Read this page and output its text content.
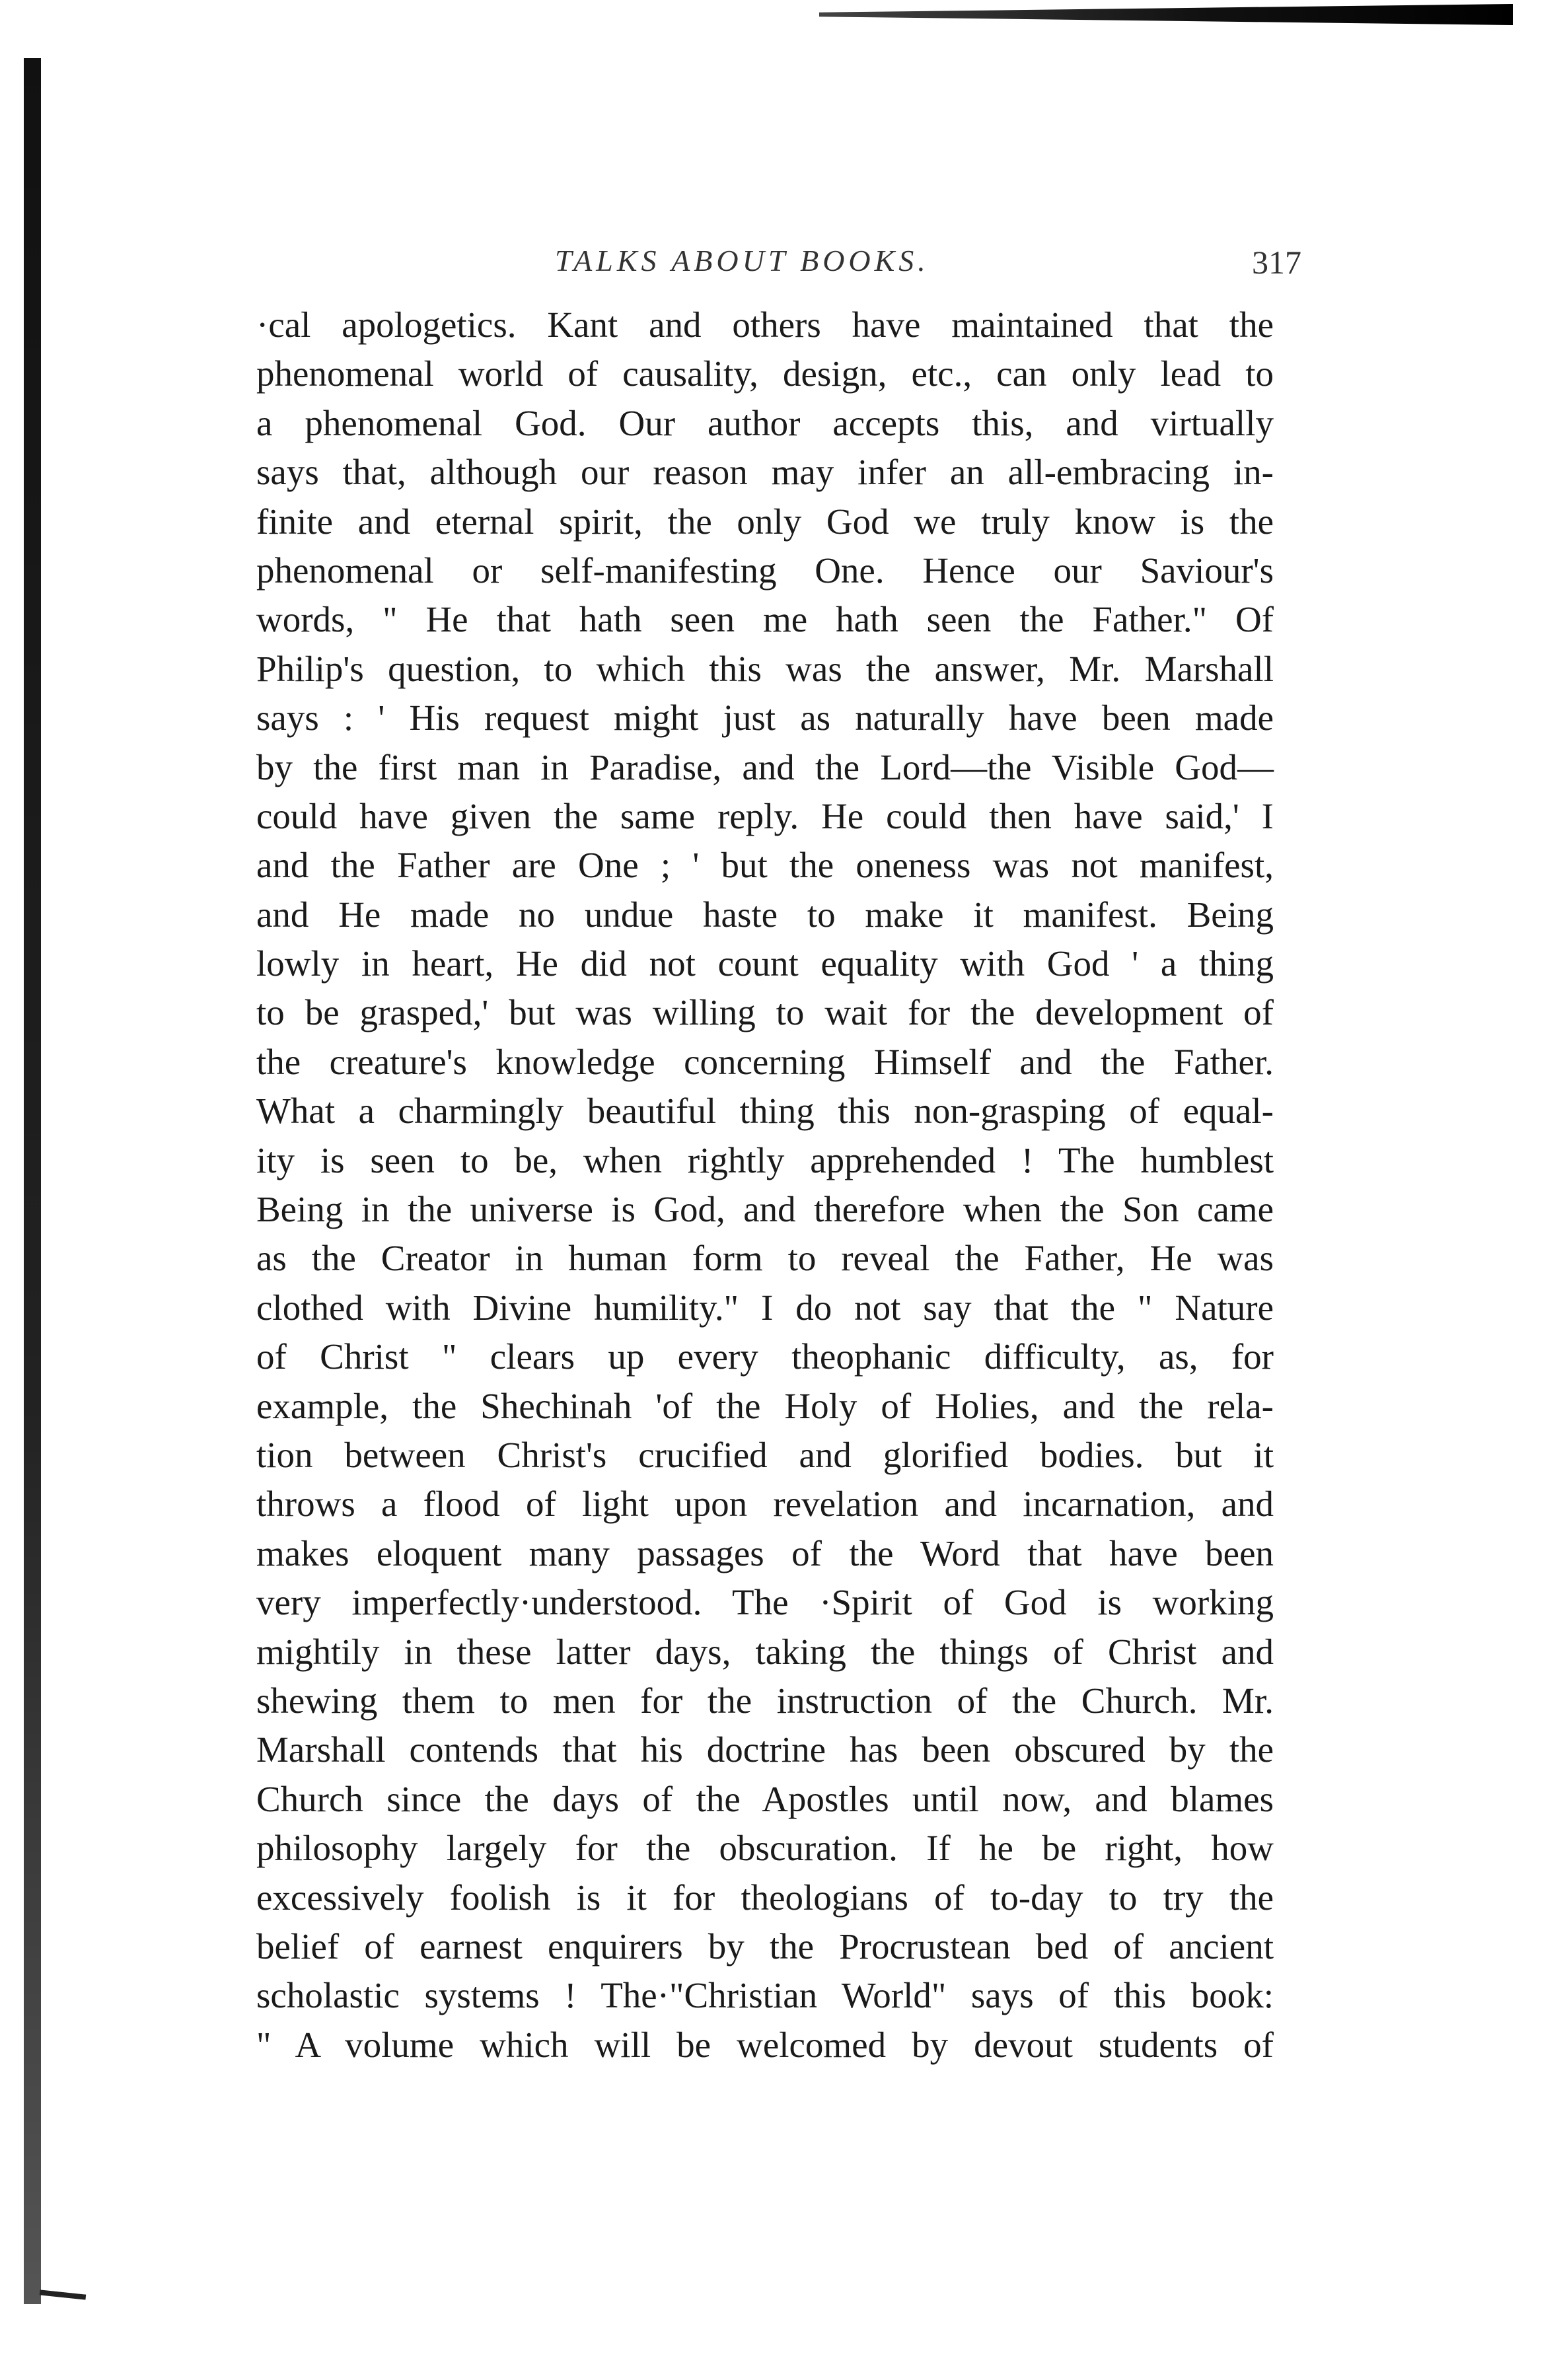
TALKS ABOUT BOOKS.	317
·cal apologetics. Kant and others have maintained that the
phenomenal world of causality, design, etc., can only lead to
a phenomenal God. Our author accepts this, and virtually
says that, although our reason may infer an all-embracing in-
finite and eternal spirit, the only God we truly know is the
phenomenal or self-manifesting One. Hence our Saviour's
words, " He that hath seen me hath seen the Father." Of
Philip's question, to which this was the answer, Mr. Marshall
says : ' His request might just as naturally have been made
by the first man in Paradise, and the Lord—the Visible God—
could have given the same reply. He could then have said,' I
and the Father are One ; ' but the oneness was not manifest,
and He made no undue haste to make it manifest. Being
lowly in heart, He did not count equality with God ' a thing
to be grasped,' but was willing to wait for the development of
the creature's knowledge concerning Himself and the Father.
What a charmingly beautiful thing this non-grasping of equal-
ity is seen to be, when rightly apprehended ! The humblest
Being in the universe is God, and therefore when the Son came
as the Creator in human form to reveal the Father, He was
clothed with Divine humility." I do not say that the " Nature
of Christ " clears up every theophanic difficulty, as, for
example, the Shechinah 'of the Holy of Holies, and the rela-
tion between Christ's crucified and glorified bodies. but it
throws a flood of light upon revelation and incarnation, and
makes eloquent many passages of the Word that have been
very imperfectly·understood. The ·Spirit of God is working
mightily in these latter days, taking the things of Christ and
shewing them to men for the instruction of the Church. Mr.
Marshall contends that his doctrine has been obscured by the
Church since the days of the Apostles until now, and blames
philosophy largely for the obscuration. If he be right, how
excessively foolish is it for theologians of to-day to try the
belief of earnest enquirers by the Procrustean bed of ancient
scholastic systems ! The·"Christian World" says of this book:
" A volume which will be welcomed by devout students of
